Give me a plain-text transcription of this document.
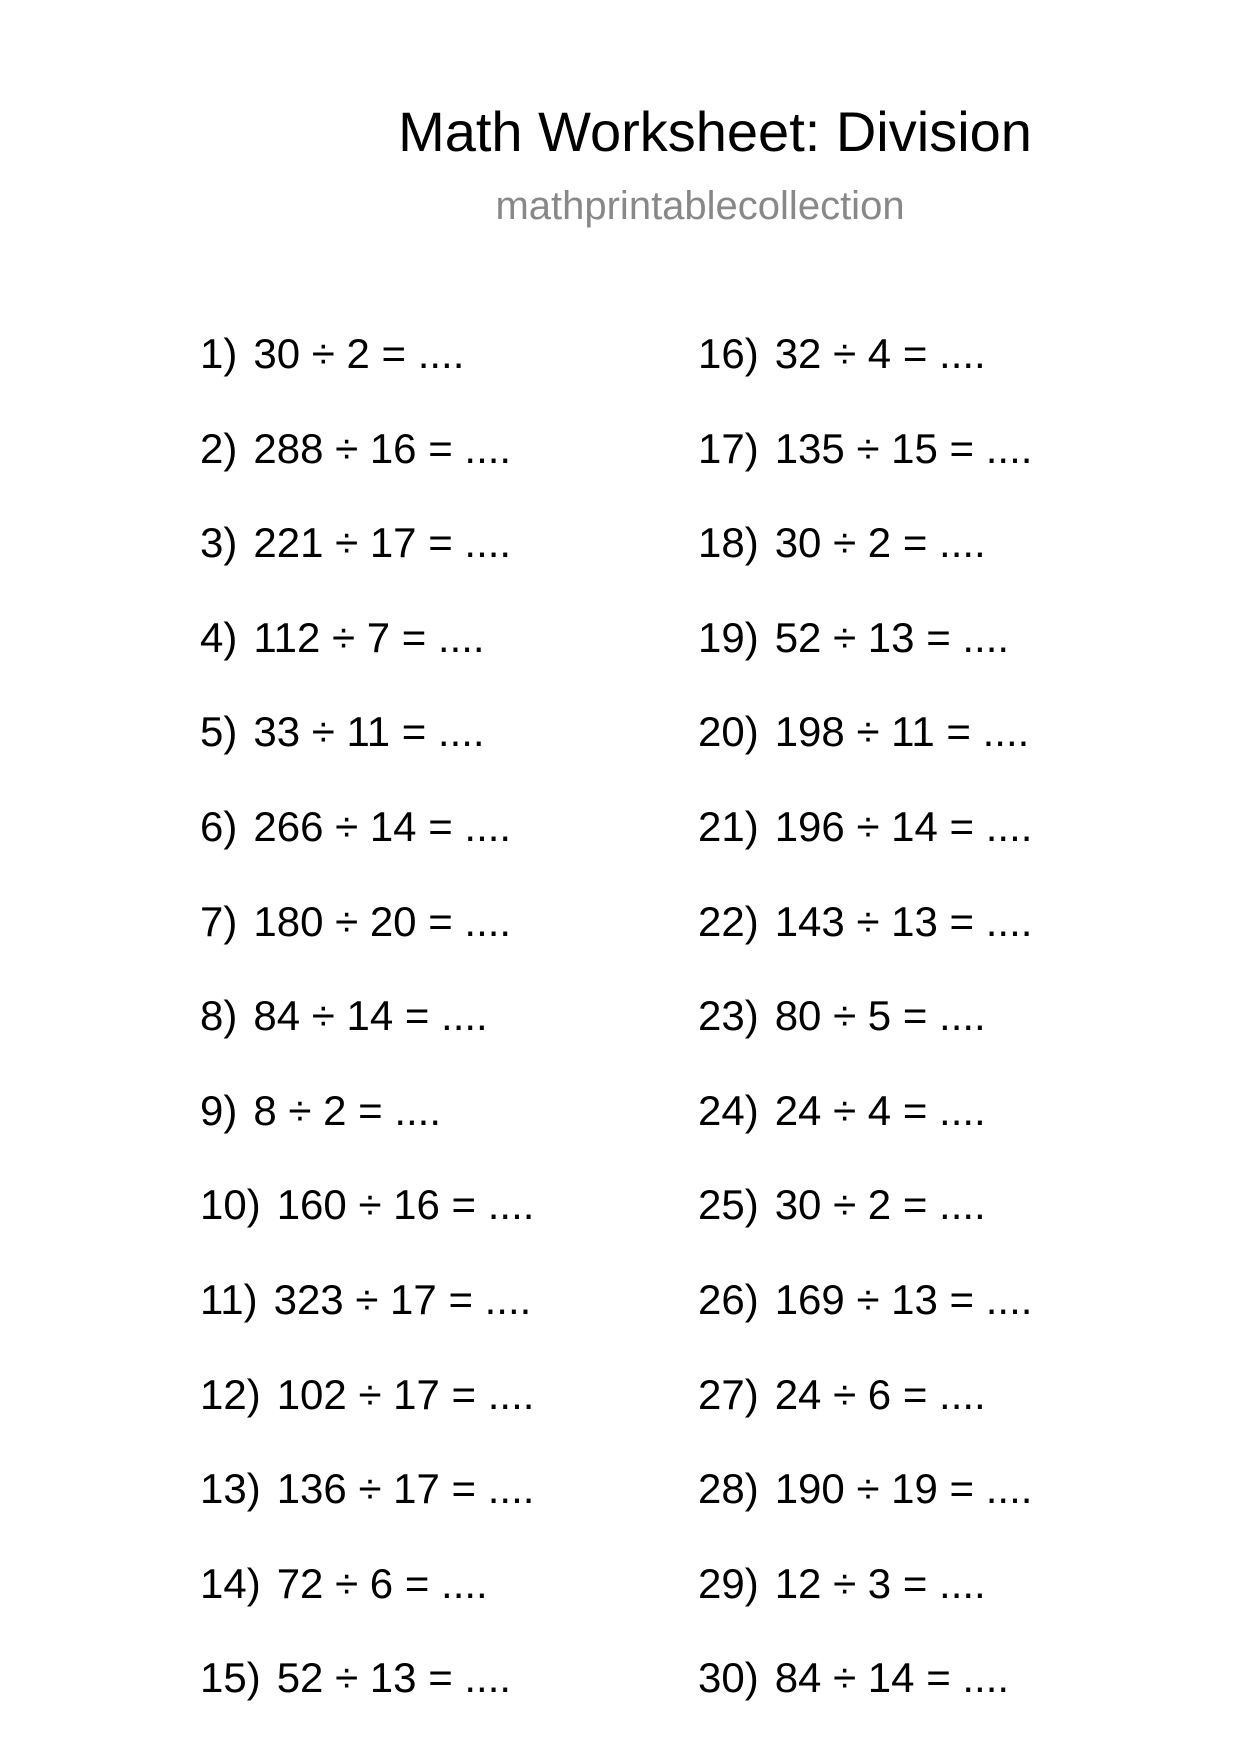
Math Worksheet: Division
mathprintablecollection
1) 30 ÷ 2 = ....
2) 288 ÷ 16 = ....
3) 221 ÷ 17 = ....
4) 112 ÷ 7 = ....
5) 33 ÷ 11 = ....
6) 266 ÷ 14 = ....
7) 180 ÷ 20 = ....
8) 84 ÷ 14 = ....
9) 8 ÷ 2 = ....
10) 160 ÷ 16 = ....
11) 323 ÷ 17 = ....
12) 102 ÷ 17 = ....
13) 136 ÷ 17 = ....
14) 72 ÷ 6 = ....
15) 52 ÷ 13 = ....
16) 32 ÷ 4 = ....
17) 135 ÷ 15 = ....
18) 30 ÷ 2 = ....
19) 52 ÷ 13 = ....
20) 198 ÷ 11 = ....
21) 196 ÷ 14 = ....
22) 143 ÷ 13 = ....
23) 80 ÷ 5 = ....
24) 24 ÷ 4 = ....
25) 30 ÷ 2 = ....
26) 169 ÷ 13 = ....
27) 24 ÷ 6 = ....
28) 190 ÷ 19 = ....
29) 12 ÷ 3 = ....
30) 84 ÷ 14 = ....
